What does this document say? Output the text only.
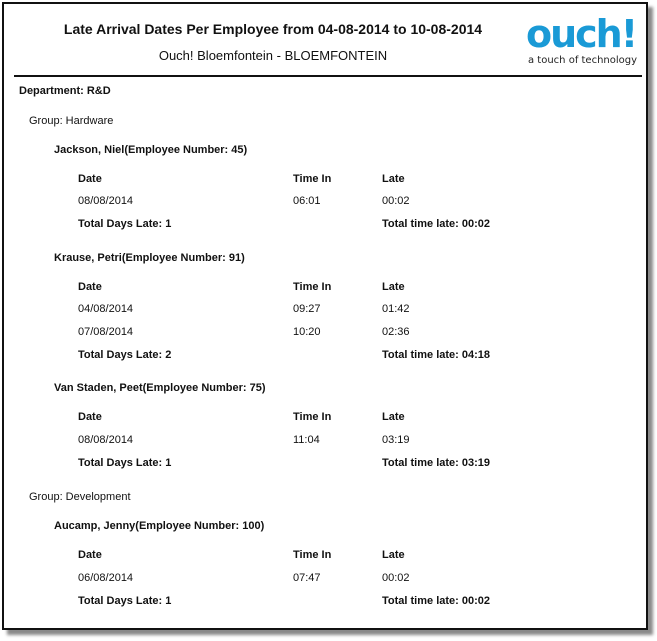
Late Arrival Dates Per Employee from 04-08-2014 to 10-08-2014
Ouch! Bloemfontein - BLOEMFONTEIN	ouch!
a touch of technology
Department: R&D
Group: Hardware
Jackson, Niel(Employee Number: 45)
Date	Time In	Late
08/08/2014	06:01	00:02
Total Days Late: 1	Total time late: 00:02
Krause, Petri(Employee Number: 91)
Date	Time In	Late
04/08/2014	09:27	01:42
07/08/2014	10:20	02:36
Total Days Late: 2	Total time late: 04:18
Van Staden, Peet(Employee Number: 75)
Date	Time In	Late
08/08/2014	11:04	03:19
Total Days Late: 1	Total time late: 03:19
Group: Development
Aucamp, Jenny(Employee Number: 100)
Date	Time In	Late
06/08/2014	07:47	00:02
Total Days Late: 1	Total time late: 00:02
